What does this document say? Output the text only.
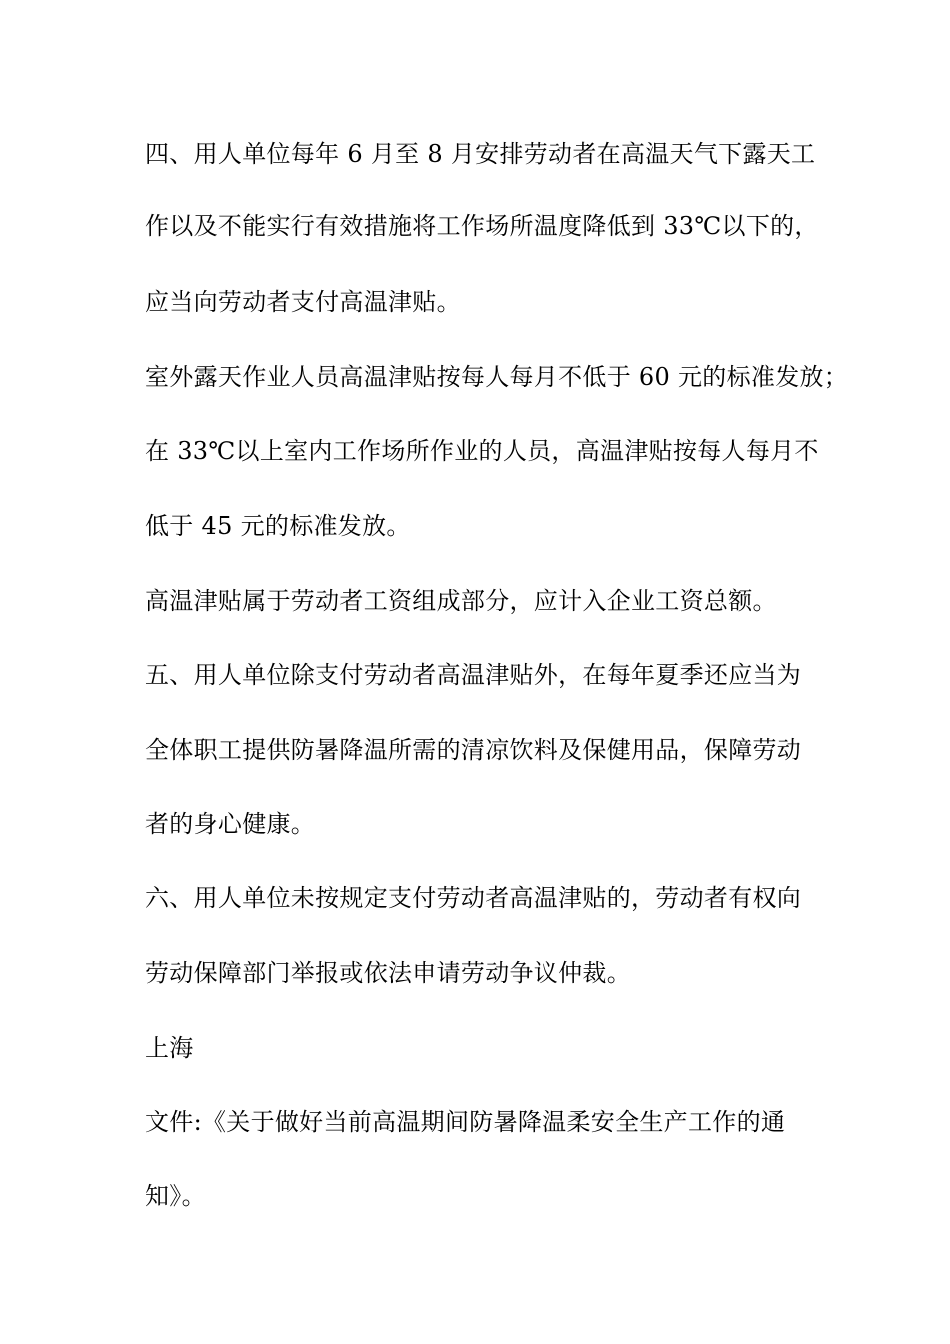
四、用人单位每年 6 月至 8 月安排劳动者在高温天气下露天工
作以及不能实行有效措施将工作场所温度降低到 33℃以下的，
应当向劳动者支付高温津贴。
室外露天作业人员高温津贴按每人每月不低于 60 元的标准发放；
在 33℃以上室内工作场所作业的人员，高温津贴按每人每月不
低于 45 元的标准发放。
高温津贴属于劳动者工资组成部分，应计入企业工资总额。
五、用人单位除支付劳动者高温津贴外，在每年夏季还应当为
全体职工提供防暑降温所需的清凉饮料及保健用品，保障劳动
者的身心健康。
六、用人单位未按规定支付劳动者高温津贴的，劳动者有权向
劳动保障部门举报或依法申请劳动争议仲裁。
上海
文件:《关于做好当前高温期间防暑降温柔安全生产工作的通
知》。
